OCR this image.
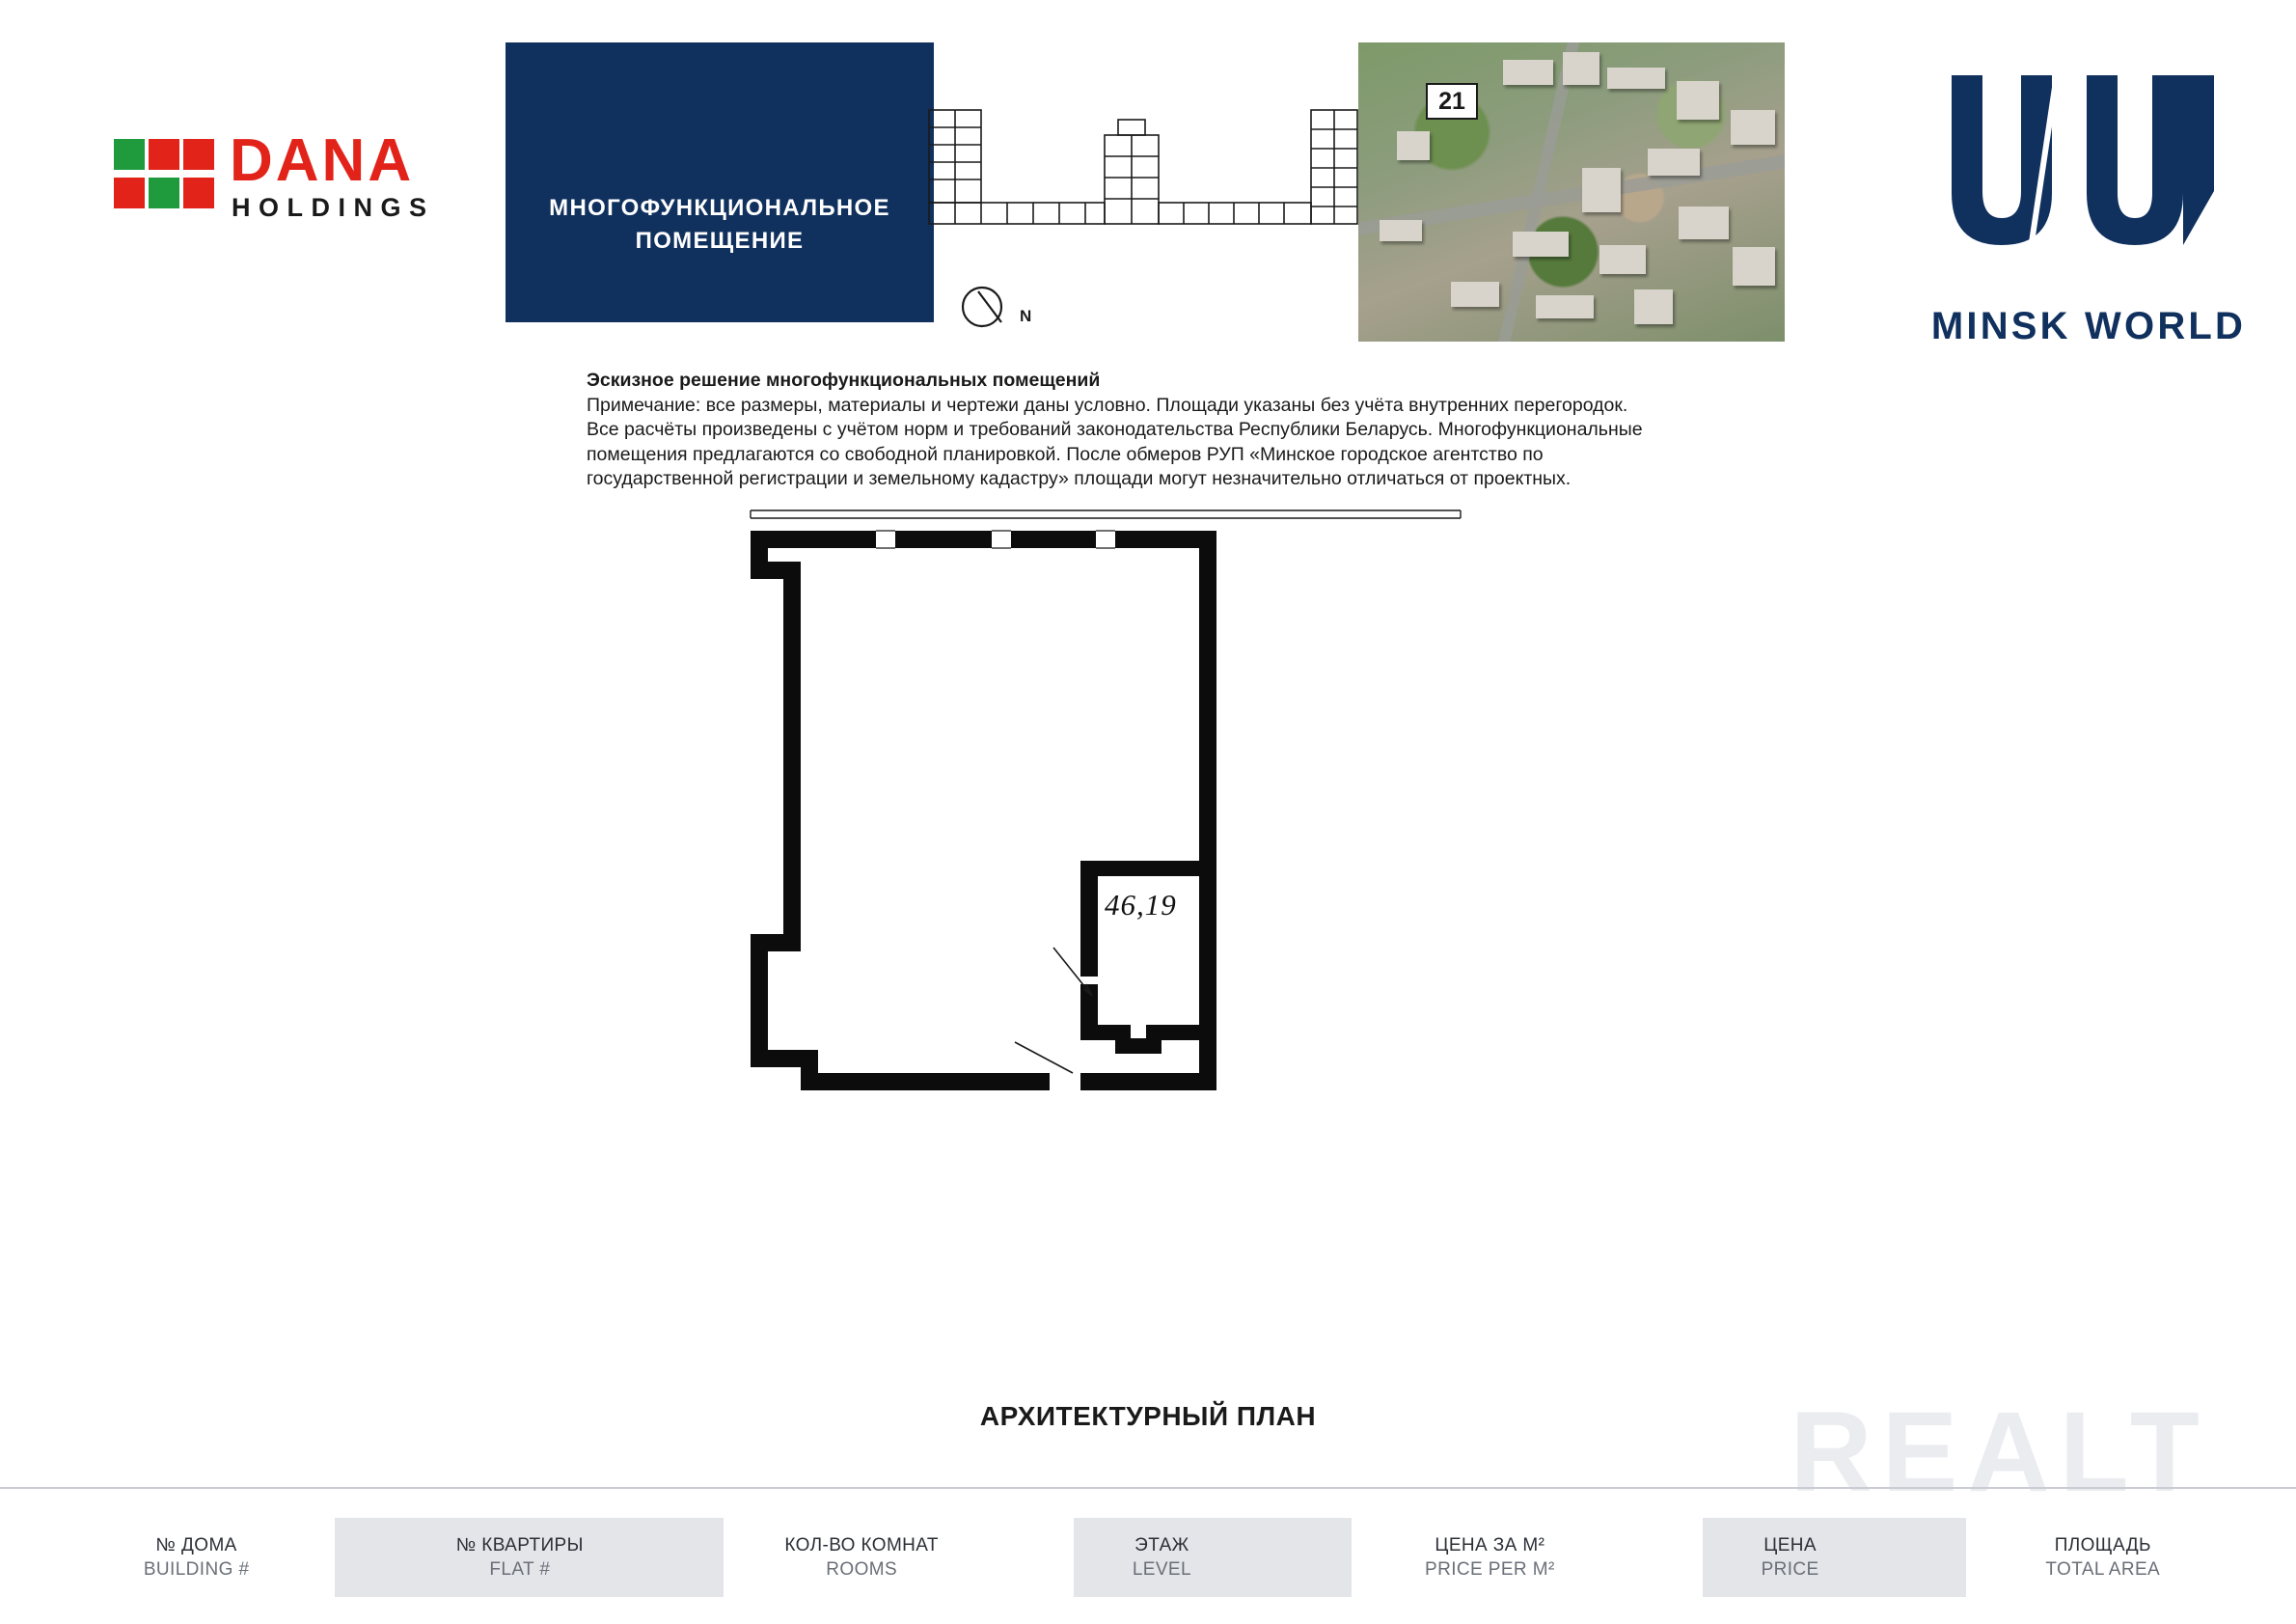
DANA
HOLDINGS	МНОГОФУНКЦИОНАЛЬНОЕ
ПОМЕЩЕНИЕ
N
21
MINSK WORLD
Эскизное решение многофункциональных помещений
Примечание: все размеры, материалы и чертежи даны условно. Площади указаны без учёта внутренних перегородок.
Все расчёты произведены с учётом норм и требований законодательства Республики Беларусь. Многофункциональные
помещения предлагаются со свободной планировкой. После обмеров РУП «Минское городское агентство по
государственной регистрации и земельному кадастру» площади могут незначительно отличаться от проектных.
46,19
АРХИТЕКТУРНЫЙ ПЛАН	REALT
№ ДОМА
BUILDING #
№ КВАРТИРЫ
FLAT #
КОЛ-ВО КОМНАТ
ROOMS
ЭТАЖ
LEVEL
ЦЕНА ЗА М²
PRICE PER M²
ЦЕНА
PRICE
ПЛОЩАДЬ
TOTAL AREA
